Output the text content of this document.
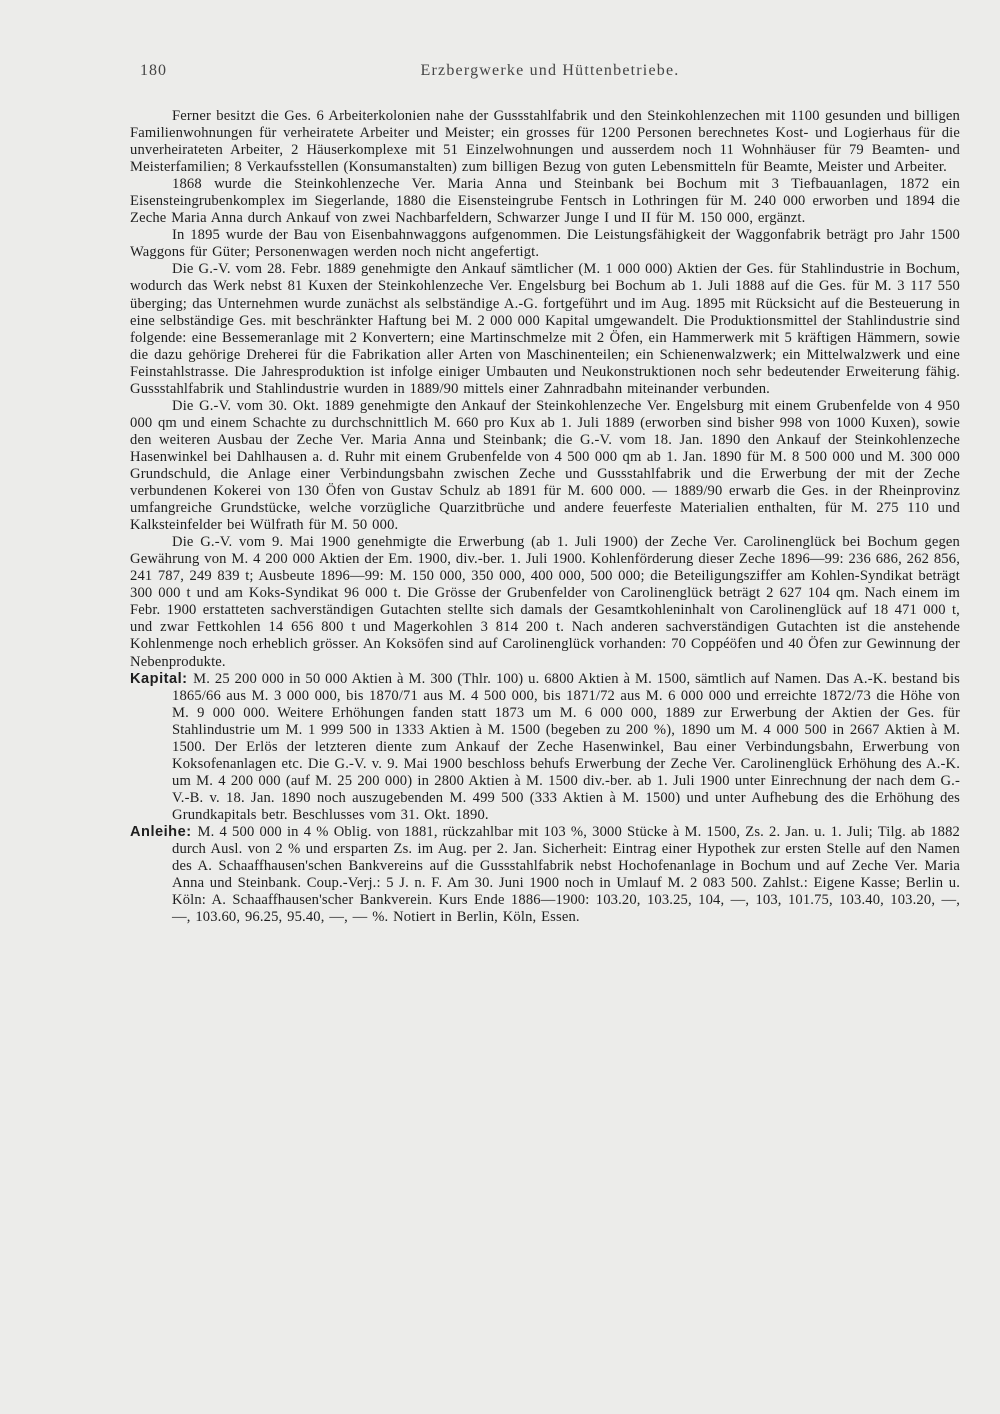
180	Erzbergwerke und Hüttenbetriebe.

Ferner besitzt die Ges. 6 Arbeiterkolonien nahe der Gussstahlfabrik und den Steinkohlenzechen mit 1100 gesunden und billigen Familienwohnungen für verheiratete Arbeiter und Meister; ein grosses für 1200 Personen berechnetes Kost- und Logierhaus für die unverheirateten Arbeiter, 2 Häuserkomplexe mit 51 Einzelwohnungen und ausserdem noch 11 Wohnhäuser für 79 Beamten- und Meisterfamilien; 8 Verkaufsstellen (Konsumanstalten) zum billigen Bezug von guten Lebensmitteln für Beamte, Meister und Arbeiter.

1868 wurde die Steinkohlenzeche Ver. Maria Anna und Steinbank bei Bochum mit 3 Tiefbauanlagen, 1872 ein Eisensteingrubenkomplex im Siegerlande, 1880 die Eisensteingrube Fentsch in Lothringen für M. 240 000 erworben und 1894 die Zeche Maria Anna durch Ankauf von zwei Nachbarfeldern, Schwarzer Junge I und II für M. 150 000, ergänzt.

In 1895 wurde der Bau von Eisenbahnwaggons aufgenommen. Die Leistungsfähigkeit der Waggonfabrik beträgt pro Jahr 1500 Waggons für Güter; Personenwagen werden noch nicht angefertigt.

Die G.-V. vom 28. Febr. 1889 genehmigte den Ankauf sämtlicher (M. 1 000 000) Aktien der Ges. für Stahlindustrie in Bochum, wodurch das Werk nebst 81 Kuxen der Steinkohlenzeche Ver. Engelsburg bei Bochum ab 1. Juli 1888 auf die Ges. für M. 3 117 550 überging; das Unternehmen wurde zunächst als selbständige A.-G. fortgeführt und im Aug. 1895 mit Rücksicht auf die Besteuerung in eine selbständige Ges. mit beschränkter Haftung bei M. 2 000 000 Kapital umgewandelt. Die Produktionsmittel der Stahlindustrie sind folgende: eine Bessemeranlage mit 2 Konvertern; eine Martinschmelze mit 2 Öfen, ein Hammerwerk mit 5 kräftigen Hämmern, sowie die dazu gehörige Dreherei für die Fabrikation aller Arten von Maschinenteilen; ein Schienenwalzwerk; ein Mittelwalzwerk und eine Feinstahlstrasse. Die Jahresproduktion ist infolge einiger Umbauten und Neukonstruktionen noch sehr bedeutender Erweiterung fähig. Gussstahlfabrik und Stahlindustrie wurden in 1889/90 mittels einer Zahnradbahn miteinander verbunden.

Die G.-V. vom 30. Okt. 1889 genehmigte den Ankauf der Steinkohlenzeche Ver. Engelsburg mit einem Grubenfelde von 4 950 000 qm und einem Schachte zu durchschnittlich M. 660 pro Kux ab 1. Juli 1889 (erworben sind bisher 998 von 1000 Kuxen), sowie den weiteren Ausbau der Zeche Ver. Maria Anna und Steinbank; die G.-V. vom 18. Jan. 1890 den Ankauf der Steinkohlenzeche Hasenwinkel bei Dahlhausen a. d. Ruhr mit einem Grubenfelde von 4 500 000 qm ab 1. Jan. 1890 für M. 8 500 000 und M. 300 000 Grundschuld, die Anlage einer Verbindungsbahn zwischen Zeche und Gussstahlfabrik und die Erwerbung der mit der Zeche verbundenen Kokerei von 130 Öfen von Gustav Schulz ab 1891 für M. 600 000. — 1889/90 erwarb die Ges. in der Rheinprovinz umfangreiche Grundstücke, welche vorzügliche Quarzitbrüche und andere feuerfeste Materialien enthalten, für M. 275 110 und Kalksteinfelder bei Wülfrath für M. 50 000.

Die G.-V. vom 9. Mai 1900 genehmigte die Erwerbung (ab 1. Juli 1900) der Zeche Ver. Carolinenglück bei Bochum gegen Gewährung von M. 4 200 000 Aktien der Em. 1900, div.-ber. 1. Juli 1900. Kohlenförderung dieser Zeche 1896—99: 236 686, 262 856, 241 787, 249 839 t; Ausbeute 1896—99: M. 150 000, 350 000, 400 000, 500 000; die Beteiligungsziffer am Kohlen-Syndikat beträgt 300 000 t und am Koks-Syndikat 96 000 t. Die Grösse der Grubenfelder von Carolinenglück beträgt 2 627 104 qm. Nach einem im Febr. 1900 erstatteten sachverständigen Gutachten stellte sich damals der Gesamtkohleninhalt von Carolinenglück auf 18 471 000 t, und zwar Fettkohlen 14 656 800 t und Magerkohlen 3 814 200 t. Nach anderen sachverständigen Gutachten ist die anstehende Kohlenmenge noch erheblich grösser. An Koksöfen sind auf Carolinenglück vorhanden: 70 Coppéöfen und 40 Öfen zur Gewinnung der Nebenprodukte.

Kapital: M. 25 200 000 in 50 000 Aktien à M. 300 (Thlr. 100) u. 6800 Aktien à M. 1500, sämtlich auf Namen. Das A.-K. bestand bis 1865/66 aus M. 3 000 000, bis 1870/71 aus M. 4 500 000, bis 1871/72 aus M. 6 000 000 und erreichte 1872/73 die Höhe von M. 9 000 000. Weitere Erhöhungen fanden statt 1873 um M. 6 000 000, 1889 zur Erwerbung der Aktien der Ges. für Stahlindustrie um M. 1 999 500 in 1333 Aktien à M. 1500 (begeben zu 200 %), 1890 um M. 4 000 500 in 2667 Aktien à M. 1500. Der Erlös der letzteren diente zum Ankauf der Zeche Hasenwinkel, Bau einer Verbindungsbahn, Erwerbung von Koksofenanlagen etc. Die G.-V. v. 9. Mai 1900 beschloss behufs Erwerbung der Zeche Ver. Carolinenglück Erhöhung des A.-K. um M. 4 200 000 (auf M. 25 200 000) in 2800 Aktien à M. 1500 div.-ber. ab 1. Juli 1900 unter Einrechnung der nach dem G.-V.-B. v. 18. Jan. 1890 noch auszugebenden M. 499 500 (333 Aktien à M. 1500) und unter Aufhebung des die Erhöhung des Grundkapitals betr. Beschlusses vom 31. Okt. 1890.

Anleihe: M. 4 500 000 in 4 % Oblig. von 1881, rückzahlbar mit 103 %, 3000 Stücke à M. 1500, Zs. 2. Jan. u. 1. Juli; Tilg. ab 1882 durch Ausl. von 2 % und ersparten Zs. im Aug. per 2. Jan. Sicherheit: Eintrag einer Hypothek zur ersten Stelle auf den Namen des A. Schaaffhausen'schen Bankvereins auf die Gussstahlfabrik nebst Hochofenanlage in Bochum und auf Zeche Ver. Maria Anna und Steinbank. Coup.-Verj.: 5 J. n. F. Am 30. Juni 1900 noch in Umlauf M. 2 083 500. Zahlst.: Eigene Kasse; Berlin u. Köln: A. Schaaffhausen'scher Bankverein. Kurs Ende 1886—1900: 103.20, 103.25, 104, —, 103, 101.75, 103.40, 103.20, —, —, 103.60, 96.25, 95.40, —, — %. Notiert in Berlin, Köln, Essen.
